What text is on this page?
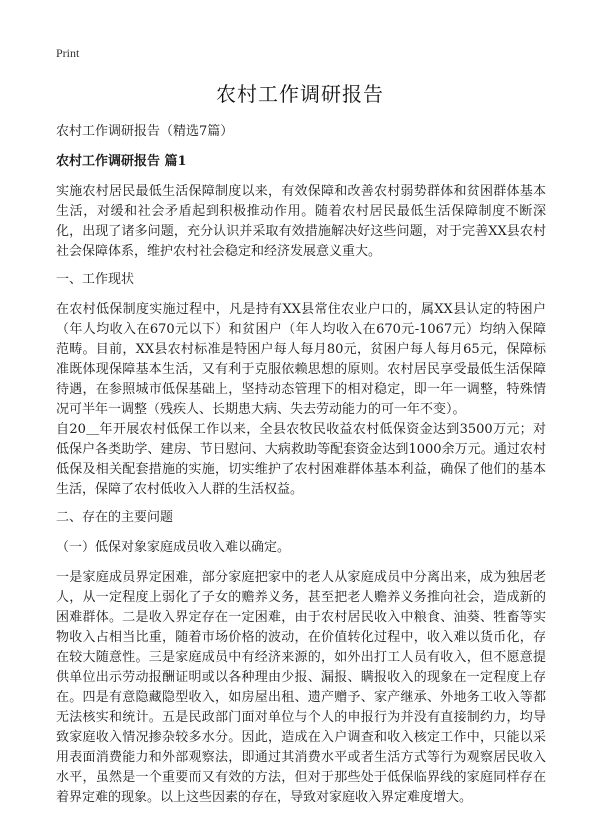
Print
农村工作调研报告
农村工作调研报告（精选7篇）
农村工作调研报告 篇1

实施农村居民最低生活保障制度以来，有效保障和改善农村弱势群体和贫困群体基本生活，对缓和社会矛盾起到积极推动作用。随着农村居民最低生活保障制度不断深化，出现了诸多问题，充分认识并采取有效措施解决好这些问题，对于完善XX县农村社会保障体系，维护农村社会稳定和经济发展意义重大。

一、工作现状

在农村低保制度实施过程中，凡是持有XX县常住农业户口的，属XX县认定的特困户（年人均收入在670元以下）和贫困户（年人均收入在670元-1067元）均纳入保障范畴。目前，XX县农村标准是特困户每人每月80元，贫困户每人每月65元，保障标准既体现保障基本生活，又有利于克服依赖思想的原则。农村居民享受最低生活保障待遇，在参照城市低保基础上，坚持动态管理下的相对稳定，即一年一调整，特殊情况可半年一调整（残疾人、长期患大病、失去劳动能力的可一年不变）。

自20＿年开展农村低保工作以来，全县农牧民收益农村低保资金达到3500万元；对低保户各类助学、建房、节日慰问、大病救助等配套资金达到1000余万元。通过农村低保及相关配套措施的实施，切实维护了农村困难群体基本利益，确保了他们的基本生活，保障了农村低收入人群的生活权益。

二、存在的主要问题
（一）低保对象家庭成员收入难以确定。

一是家庭成员界定困难，部分家庭把家中的老人从家庭成员中分离出来，成为独居老人，从一定程度上弱化了子女的赡养义务，甚至把老人赡养义务推向社会，造成新的困难群体。二是收入界定存在一定困难，由于农村居民收入中粮食、油葵、牲畜等实物收入占相当比重，随着市场价格的波动，在价值转化过程中，收入难以货币化，存在较大随意性。三是家庭成员中有经济来源的，如外出打工人员有收入，但不愿意提供单位出示劳动报酬证明或以各种理由少报、漏报、瞒报收入的现象在一定程度上存在。四是有意隐藏隐型收入，如房屋出租、遗产赠予、家产继承、外地务工收入等都无法核实和统计。五是民政部门面对单位与个人的申报行为并没有直接制约力，均导致家庭收入情况掺杂较多水分。因此，造成在入户调查和收入核定工作中，只能以采用表面消费能力和外部观察法，即通过其消费水平或者生活方式等行为观察居民收入水平，虽然是一个重要而又有效的方法，但对于那些处于低保临界线的家庭同样存在着界定难的现象。以上这些因素的存在，导致对家庭收入界定难度增大。
